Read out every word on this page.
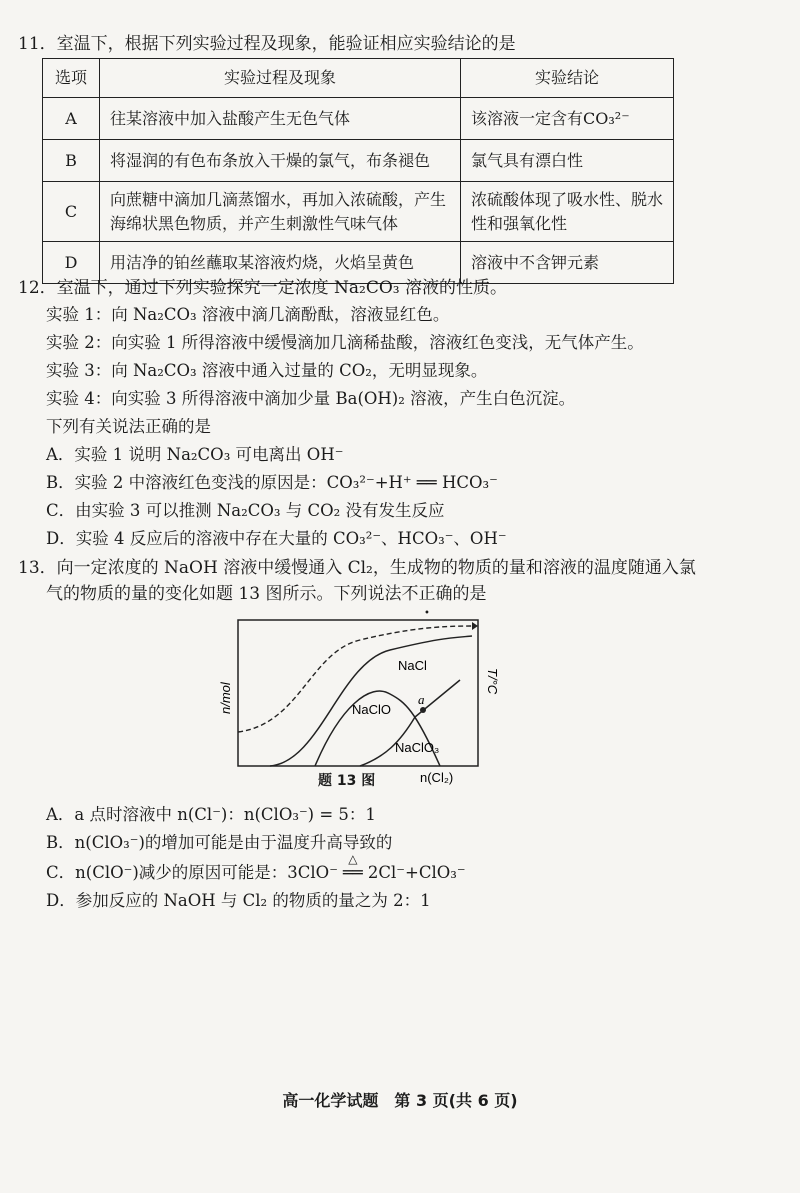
11．室温下，根据下列实验过程及现象，能验证相应实验结论的是
选项	实验过程及现象	实验结论
A	往某溶液中加入盐酸产生无色气体	该溶液一定含有CO₃²⁻
B	将湿润的有色布条放入干燥的氯气，布条褪色	氯气具有漂白性
C	向蔗糖中滴加几滴蒸馏水，再加入浓硫酸，产生海绵状黑色物质，并产生刺激性气味气体	浓硫酸体现了吸水性、脱水性和强氧化性
D	用洁净的铂丝蘸取某溶液灼烧，火焰呈黄色	溶液中不含钾元素
12．室温下，通过下列实验探究一定浓度 Na₂CO₃ 溶液的性质。
实验 1：向 Na₂CO₃ 溶液中滴几滴酚酞，溶液显红色。
实验 2：向实验 1 所得溶液中缓慢滴加几滴稀盐酸，溶液红色变浅，无气体产生。
实验 3：向 Na₂CO₃ 溶液中通入过量的 CO₂，无明显现象。
实验 4：向实验 3 所得溶液中滴加少量 Ba(OH)₂ 溶液，产生白色沉淀。
下列有关说法正确的是
A．实验 1 说明 Na₂CO₃ 可电离出 OH⁻
B．实验 2 中溶液红色变浅的原因是：CO₃²⁻+H⁺ ══ HCO₃⁻
C．由实验 3 可以推测 Na₂CO₃ 与 CO₂ 没有发生反应
D．实验 4 反应后的溶液中存在大量的 CO₃²⁻、HCO₃⁻、OH⁻
13．向一定浓度的 NaOH 溶液中缓慢通入 Cl₂，生成物的物质的量和溶液的温度随通入氯
气的物质的量的变化如题 13 图所示。下列说法不正确的是
NaCl
NaClO
NaClO₃
a
n/mol
T/°C
n(Cl₂)
题 13 图
A．a 点时溶液中 n(Cl⁻)：n(ClO₃⁻) = 5：1
B．n(ClO₃⁻)的增加可能是由于温度升高导致的
C．n(ClO⁻)减少的原因可能是：3ClO⁻
△
══ 2Cl⁻+ClO₃⁻
D．参加反应的 NaOH 与 Cl₂ 的物质的量之为 2：1
高一化学试题　第 3 页(共 6 页)
